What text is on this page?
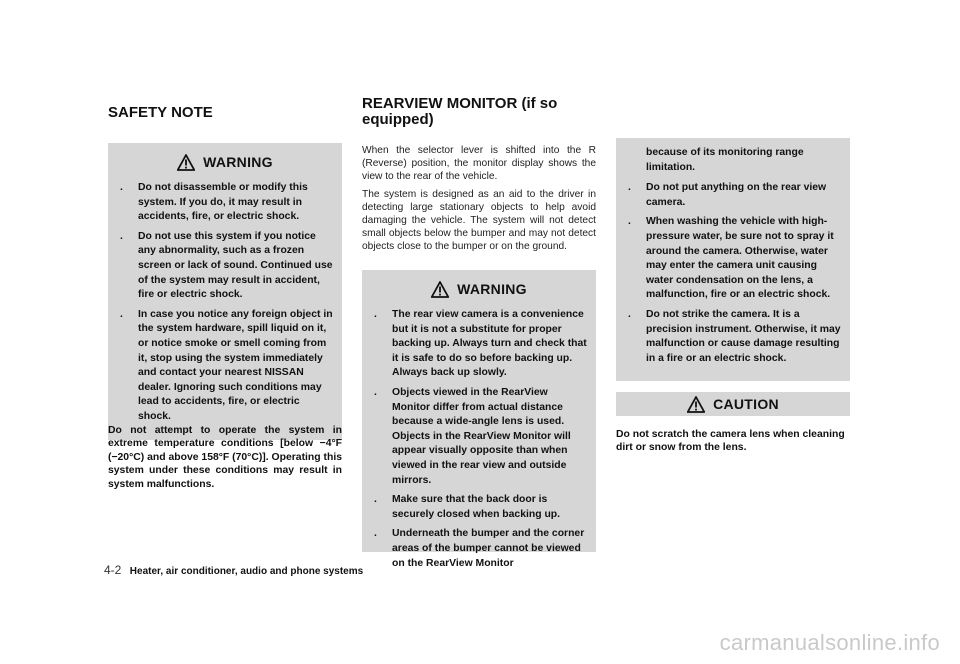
SAFETY NOTE
WARNING
. Do not disassemble or modify this system. If you do, it may result in accidents, fire, or electric shock.
. Do not use this system if you notice any abnormality, such as a frozen screen or lack of sound. Continued use of the system may result in accident, fire or electric shock.
. In case you notice any foreign object in the system hardware, spill liquid on it, or notice smoke or smell coming from it, stop using the system immediately and contact your nearest NISSAN dealer. Ignoring such conditions may lead to accidents, fire, or electric shock.

Do not attempt to operate the system in extreme temperature conditions [below −4°F (−20°C) and above 158°F (70°C)]. Operating this system under these conditions may result in system malfunctions.

REARVIEW MONITOR (if so equipped)

When the selector lever is shifted into the R (Reverse) position, the monitor display shows the view to the rear of the vehicle.

The system is designed as an aid to the driver in detecting large stationary objects to help avoid damaging the vehicle. The system will not detect small objects below the bumper and may not detect objects close to the bumper or on the ground.

WARNING
. The rear view camera is a convenience but it is not a substitute for proper backing up. Always turn and check that it is safe to do so before backing up. Always back up slowly.
. Objects viewed in the RearView Monitor differ from actual distance because a wide-angle lens is used. Objects in the RearView Monitor will appear visually opposite than when viewed in the rear view and outside mirrors.
. Make sure that the back door is securely closed when backing up.
. Underneath the bumper and the corner areas of the bumper cannot be viewed on the RearView Monitor
because of its monitoring range limitation.
. Do not put anything on the rear view camera.
. When washing the vehicle with high-pressure water, be sure not to spray it around the camera. Otherwise, water may enter the camera unit causing water condensation on the lens, a malfunction, fire or an electric shock.
. Do not strike the camera. It is a precision instrument. Otherwise, it may malfunction or cause damage resulting in a fire or an electric shock.
CAUTION

Do not scratch the camera lens when cleaning dirt or snow from the lens.

4-2 Heater, air conditioner, audio and phone systems
carmanualsonline.info
